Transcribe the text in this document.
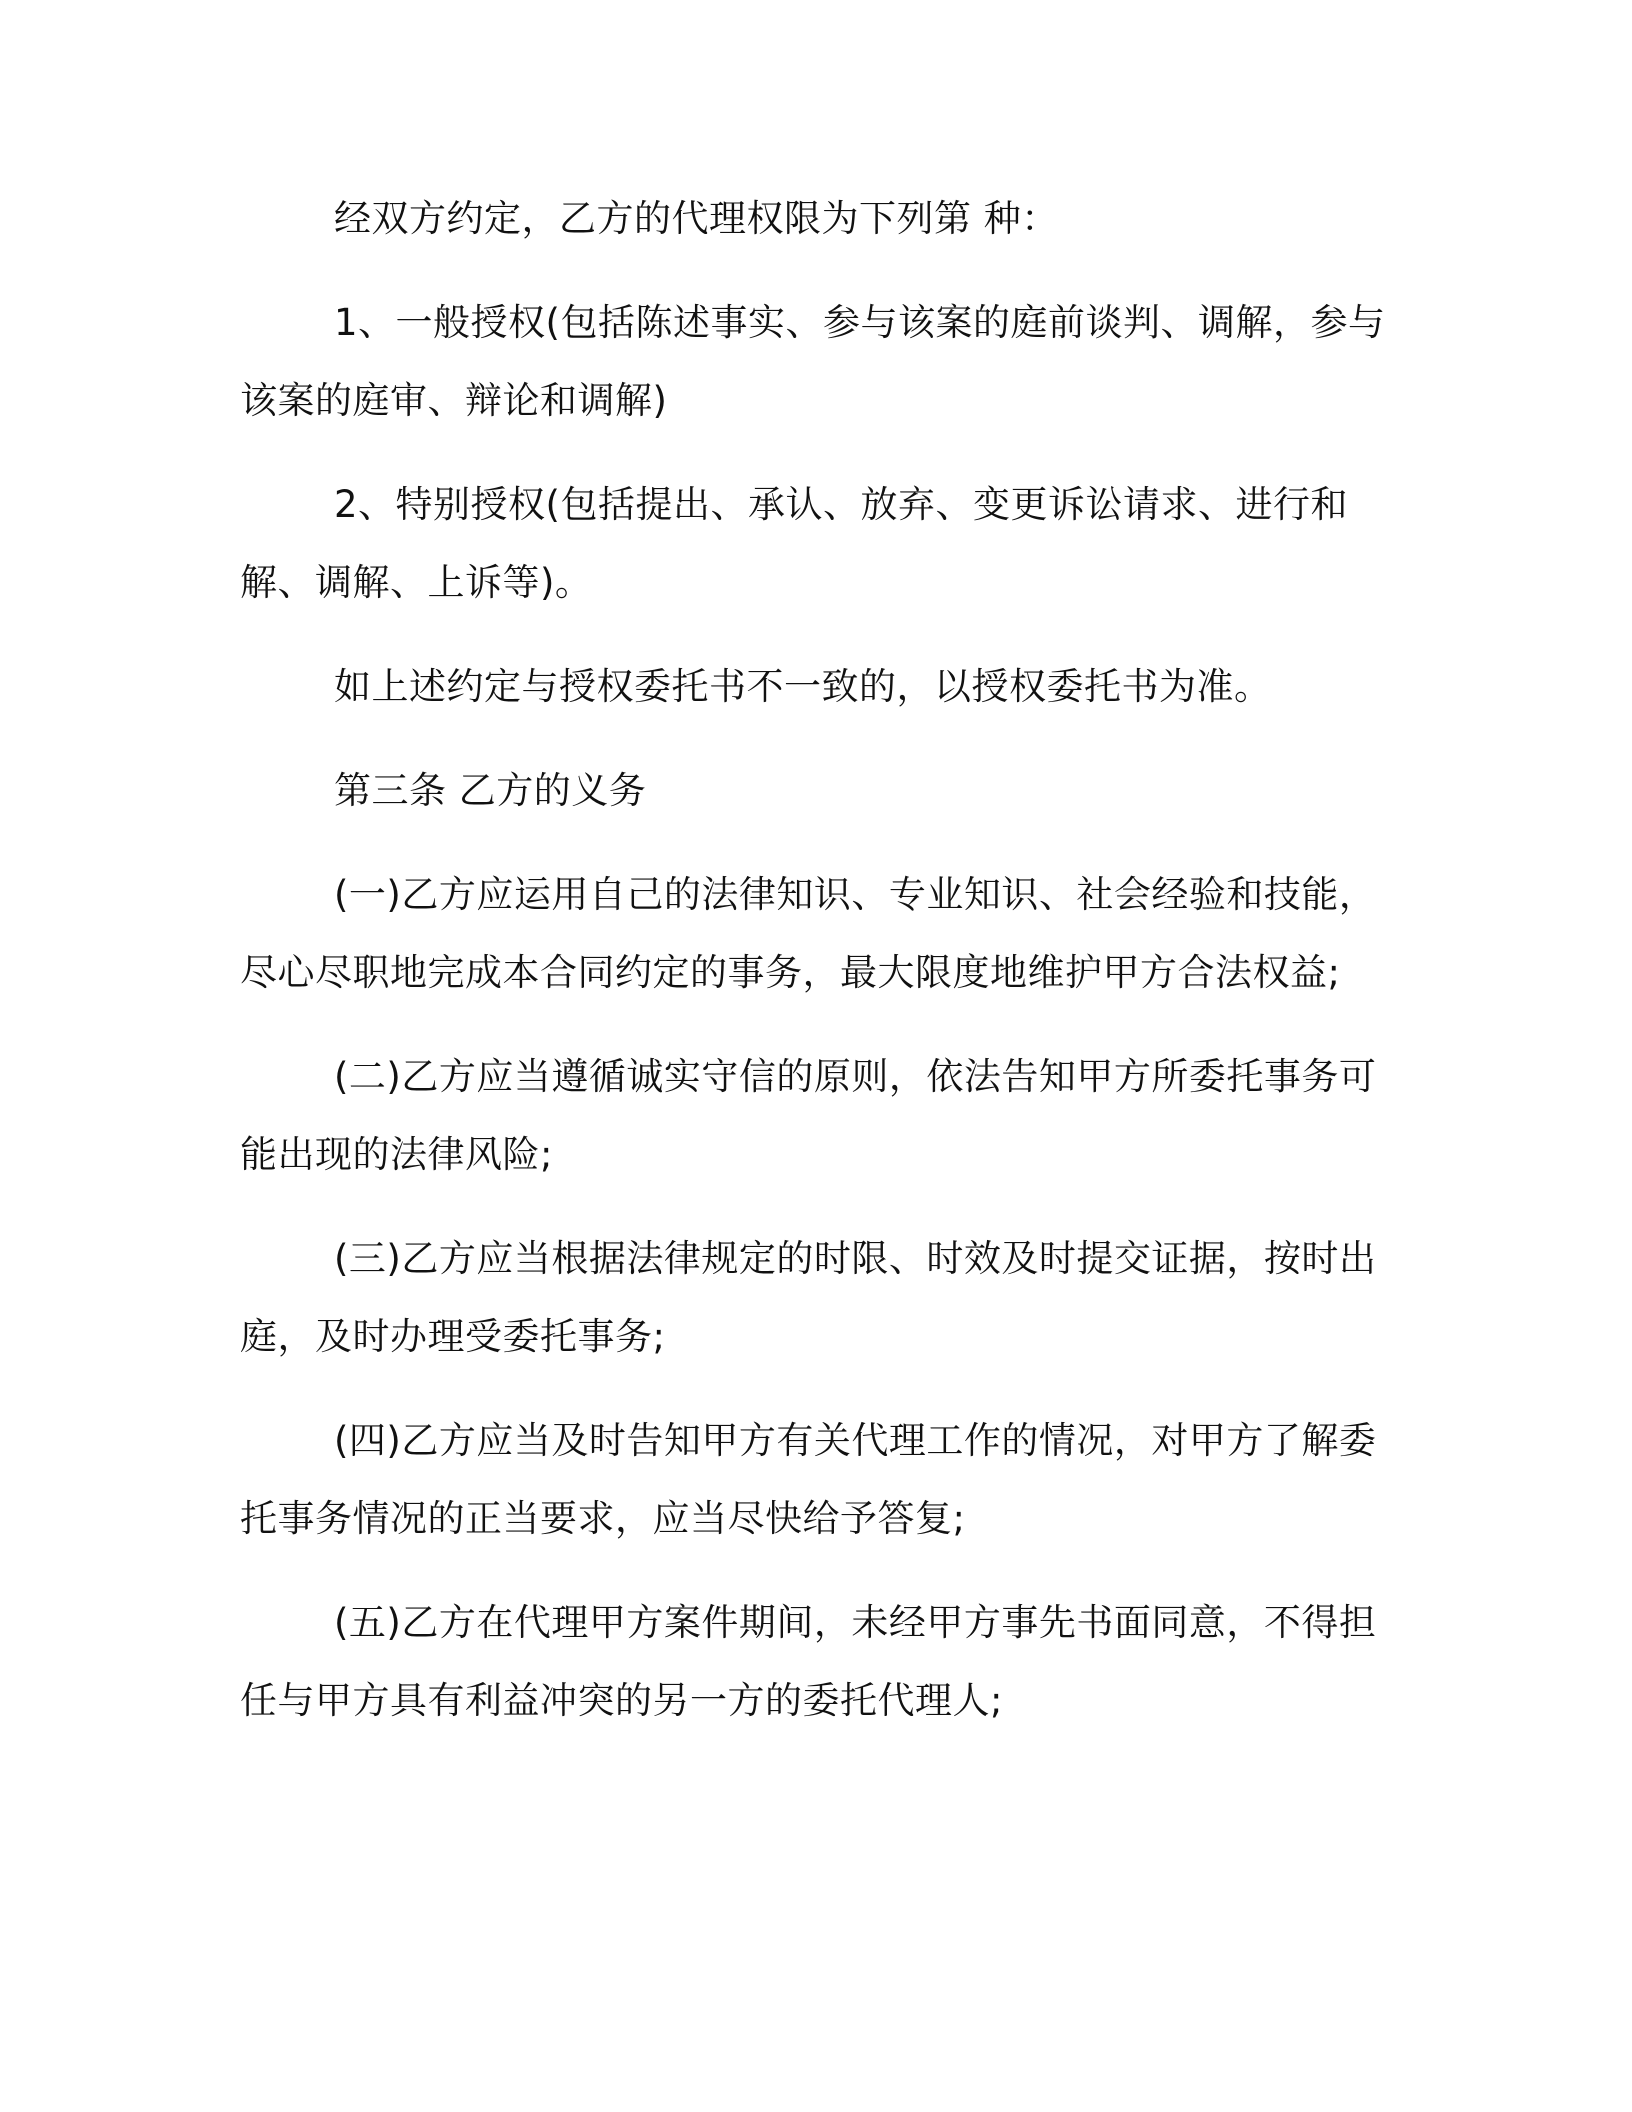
经双方约定，乙方的代理权限为下列第 种：

1、一般授权(包括陈述事实、参与该案的庭前谈判、调解，参与该案的庭审、辩论和调解)

2、特别授权(包括提出、承认、放弃、变更诉讼请求、进行和解、调解、上诉等)。

如上述约定与授权委托书不一致的，以授权委托书为准。

第三条 乙方的义务

(一)乙方应运用自己的法律知识、专业知识、社会经验和技能，尽心尽职地完成本合同约定的事务，最大限度地维护甲方合法权益;

(二)乙方应当遵循诚实守信的原则，依法告知甲方所委托事务可能出现的法律风险;

(三)乙方应当根据法律规定的时限、时效及时提交证据，按时出庭，及时办理受委托事务;

(四)乙方应当及时告知甲方有关代理工作的情况，对甲方了解委托事务情况的正当要求，应当尽快给予答复;

(五)乙方在代理甲方案件期间，未经甲方事先书面同意，不得担任与甲方具有利益冲突的另一方的委托代理人;
